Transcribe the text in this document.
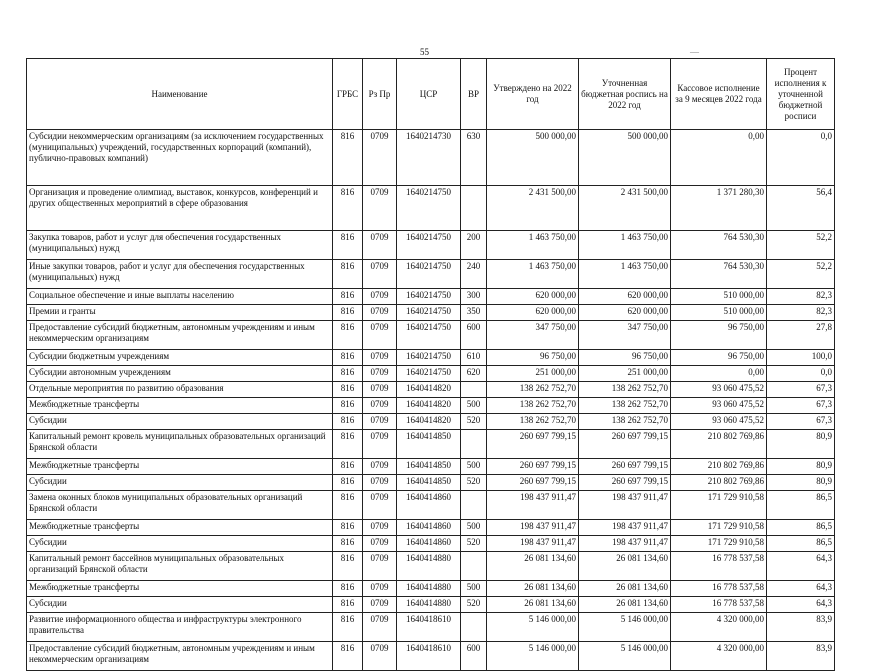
55	—
Наименование	ГРБС	Рз Пр	ЦСР	ВР	Утверждено на 2022 год	Уточненная бюджетная роспись на 2022 год	Кассовое исполнение за 9 месяцев 2022 года	Процент исполнения к уточненной бюджетной росписи
Субсидии некоммерческим организациям (за исключением государственных (муниципальных) учреждений, государственных корпораций (компаний), публично-правовых компаний)	816	0709	1640214730	630	500 000,00	500 000,00	0,00	0,0
Организация и проведение олимпиад, выставок, конкурсов, конференций и других общественных мероприятий в сфере образования	816	0709	1640214750		2 431 500,00	2 431 500,00	1 371 280,30	56,4
Закупка товаров, работ и услуг для обеспечения государственных (муниципальных) нужд	816	0709	1640214750	200	1 463 750,00	1 463 750,00	764 530,30	52,2
Иные закупки товаров, работ и услуг для обеспечения государственных (муниципальных) нужд	816	0709	1640214750	240	1 463 750,00	1 463 750,00	764 530,30	52,2
Социальное обеспечение и иные выплаты населению	816	0709	1640214750	300	620 000,00	620 000,00	510 000,00	82,3
Премии и гранты	816	0709	1640214750	350	620 000,00	620 000,00	510 000,00	82,3
Предоставление субсидий бюджетным, автономным учреждениям и иным некоммерческим организациям	816	0709	1640214750	600	347 750,00	347 750,00	96 750,00	27,8
Субсидии бюджетным учреждениям	816	0709	1640214750	610	96 750,00	96 750,00	96 750,00	100,0
Субсидии автономным учреждениям	816	0709	1640214750	620	251 000,00	251 000,00	0,00	0,0
Отдельные мероприятия по развитию образования	816	0709	1640414820		138 262 752,70	138 262 752,70	93 060 475,52	67,3
Межбюджетные трансферты	816	0709	1640414820	500	138 262 752,70	138 262 752,70	93 060 475,52	67,3
Субсидии	816	0709	1640414820	520	138 262 752,70	138 262 752,70	93 060 475,52	67,3
Капитальный ремонт кровель муниципальных образовательных организаций Брянской области	816	0709	1640414850		260 697 799,15	260 697 799,15	210 802 769,86	80,9
Межбюджетные трансферты	816	0709	1640414850	500	260 697 799,15	260 697 799,15	210 802 769,86	80,9
Субсидии	816	0709	1640414850	520	260 697 799,15	260 697 799,15	210 802 769,86	80,9
Замена оконных блоков муниципальных образовательных организаций Брянской области	816	0709	1640414860		198 437 911,47	198 437 911,47	171 729 910,58	86,5
Межбюджетные трансферты	816	0709	1640414860	500	198 437 911,47	198 437 911,47	171 729 910,58	86,5
Субсидии	816	0709	1640414860	520	198 437 911,47	198 437 911,47	171 729 910,58	86,5
Капитальный ремонт бассейнов муниципальных образовательных организаций Брянской области	816	0709	1640414880		26 081 134,60	26 081 134,60	16 778 537,58	64,3
Межбюджетные трансферты	816	0709	1640414880	500	26 081 134,60	26 081 134,60	16 778 537,58	64,3
Субсидии	816	0709	1640414880	520	26 081 134,60	26 081 134,60	16 778 537,58	64,3
Развитие информационного общества и инфраструктуры электронного правительства	816	0709	1640418610		5 146 000,00	5 146 000,00	4 320 000,00	83,9
Предоставление субсидий бюджетным, автономным учреждениям и иным некоммерческим организациям	816	0709	1640418610	600	5 146 000,00	5 146 000,00	4 320 000,00	83,9
